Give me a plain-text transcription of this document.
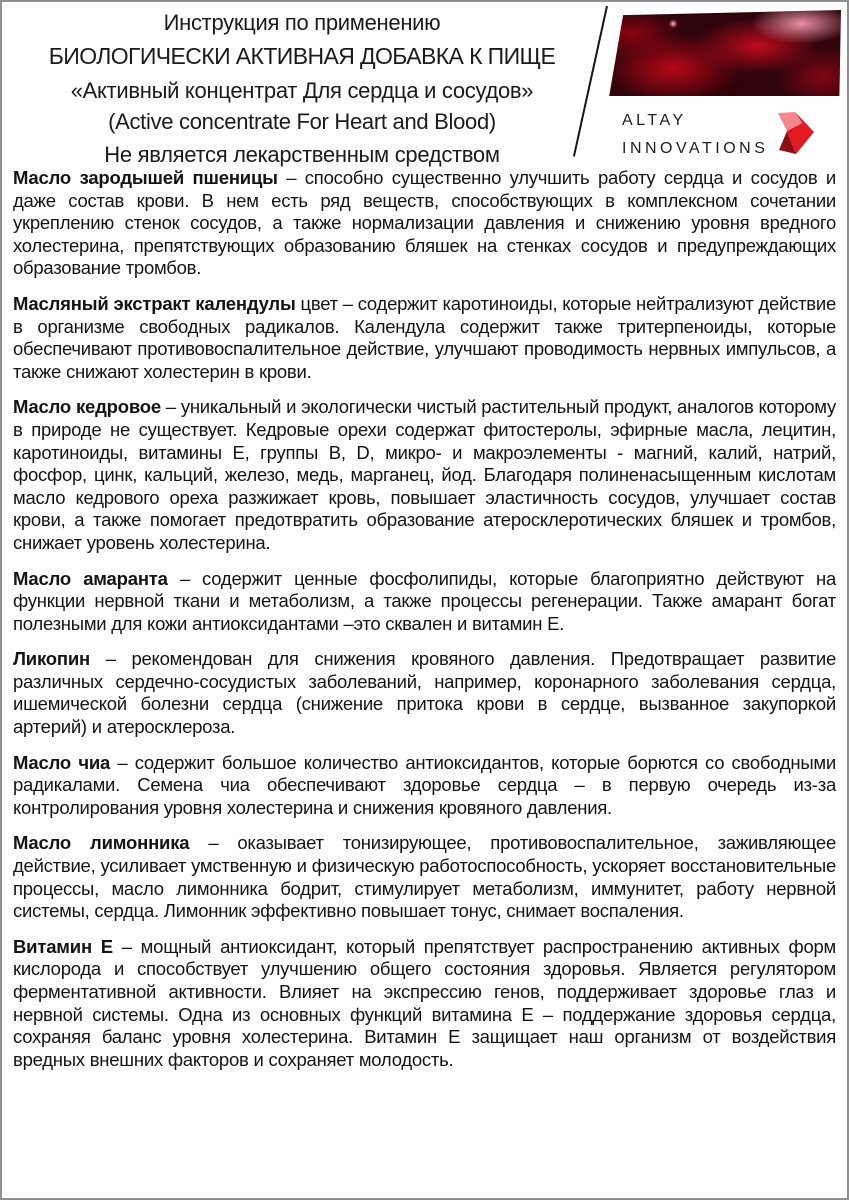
Инструкция по применению
БИОЛОГИЧЕСКИ АКТИВНАЯ ДОБАВКА К ПИЩЕ
«Активный концентрат Для сердца и сосудов»
(Active concentrate For Heart and Blood)
Не является лекарственным средством
ALTAY
INNOVATIONS

Масло зародышей пшеницы – способно существенно улучшить работу сердца и сосудов и даже состав крови. В нем есть ряд веществ, способствующих в комплексном сочетании укреплению стенок сосудов, а также нормализации давления и снижению уровня вредного холестерина, препятствующих образованию бляшек на стенках сосудов и предупреждающих образование тромбов.

Масляный экстракт календулы цвет – содержит каротиноиды, которые нейтрализуют действие в организме свободных радикалов. Календула содержит также тритерпеноиды, которые обеспечивают противовоспалительное действие, улучшают проводимость нервных импульсов, а также снижают холестерин в крови.

Масло кедровое – уникальный и экологически чистый растительный продукт, аналогов которому в природе не существует. Кедровые орехи содержат фитостеролы, эфирные масла, лецитин, каротиноиды, витамины Е, группы В, D, микро- и макроэлементы - магний, калий, натрий, фосфор, цинк, кальций, железо, медь, марганец, йод. Благодаря полиненасыщенным кислотам масло кедрового ореха разжижает кровь, повышает эластичность сосудов, улучшает состав крови, а также помогает предотвратить образование атеросклеротических бляшек и тромбов, снижает уровень холестерина.

Масло амаранта – содержит ценные фосфолипиды, которые благоприятно действуют на функции нервной ткани и метаболизм, а также процессы регенерации. Также амарант богат полезными для кожи антиоксидантами –это сквален и витамин Е.

Ликопин – рекомендован для снижения кровяного давления. Предотвращает развитие различных сердечно-сосудистых заболеваний, например, коронарного заболевания сердца, ишемической болезни сердца (снижение притока крови в сердце, вызванное закупоркой артерий) и атеросклероза.

Масло чиа – содержит большое количество антиоксидантов, которые борются со свободными радикалами. Семена чиа обеспечивают здоровье сердца – в первую очередь из-за контролирования уровня холестерина и снижения кровяного давления.

Масло лимонника – оказывает тонизирующее, противовоспалительное, заживляющее действие, усиливает умственную и физическую работоспособность, ускоряет восстановительные процессы, масло лимонника бодрит, стимулирует метаболизм, иммунитет, работу нервной системы, сердца. Лимонник эффективно повышает тонус, снимает воспаления.

Витамин Е – мощный антиоксидант, который препятствует распространению активных форм кислорода и способствует улучшению общего состояния здоровья. Является регулятором ферментативной активности. Влияет на экспрессию генов, поддерживает здоровье глаз и нервной системы. Одна из основных функций витамина Е – поддержание здоровья сердца, сохраняя баланс уровня холестерина. Витамин Е защищает наш организм от воздействия вредных внешних факторов и сохраняет молодость.
